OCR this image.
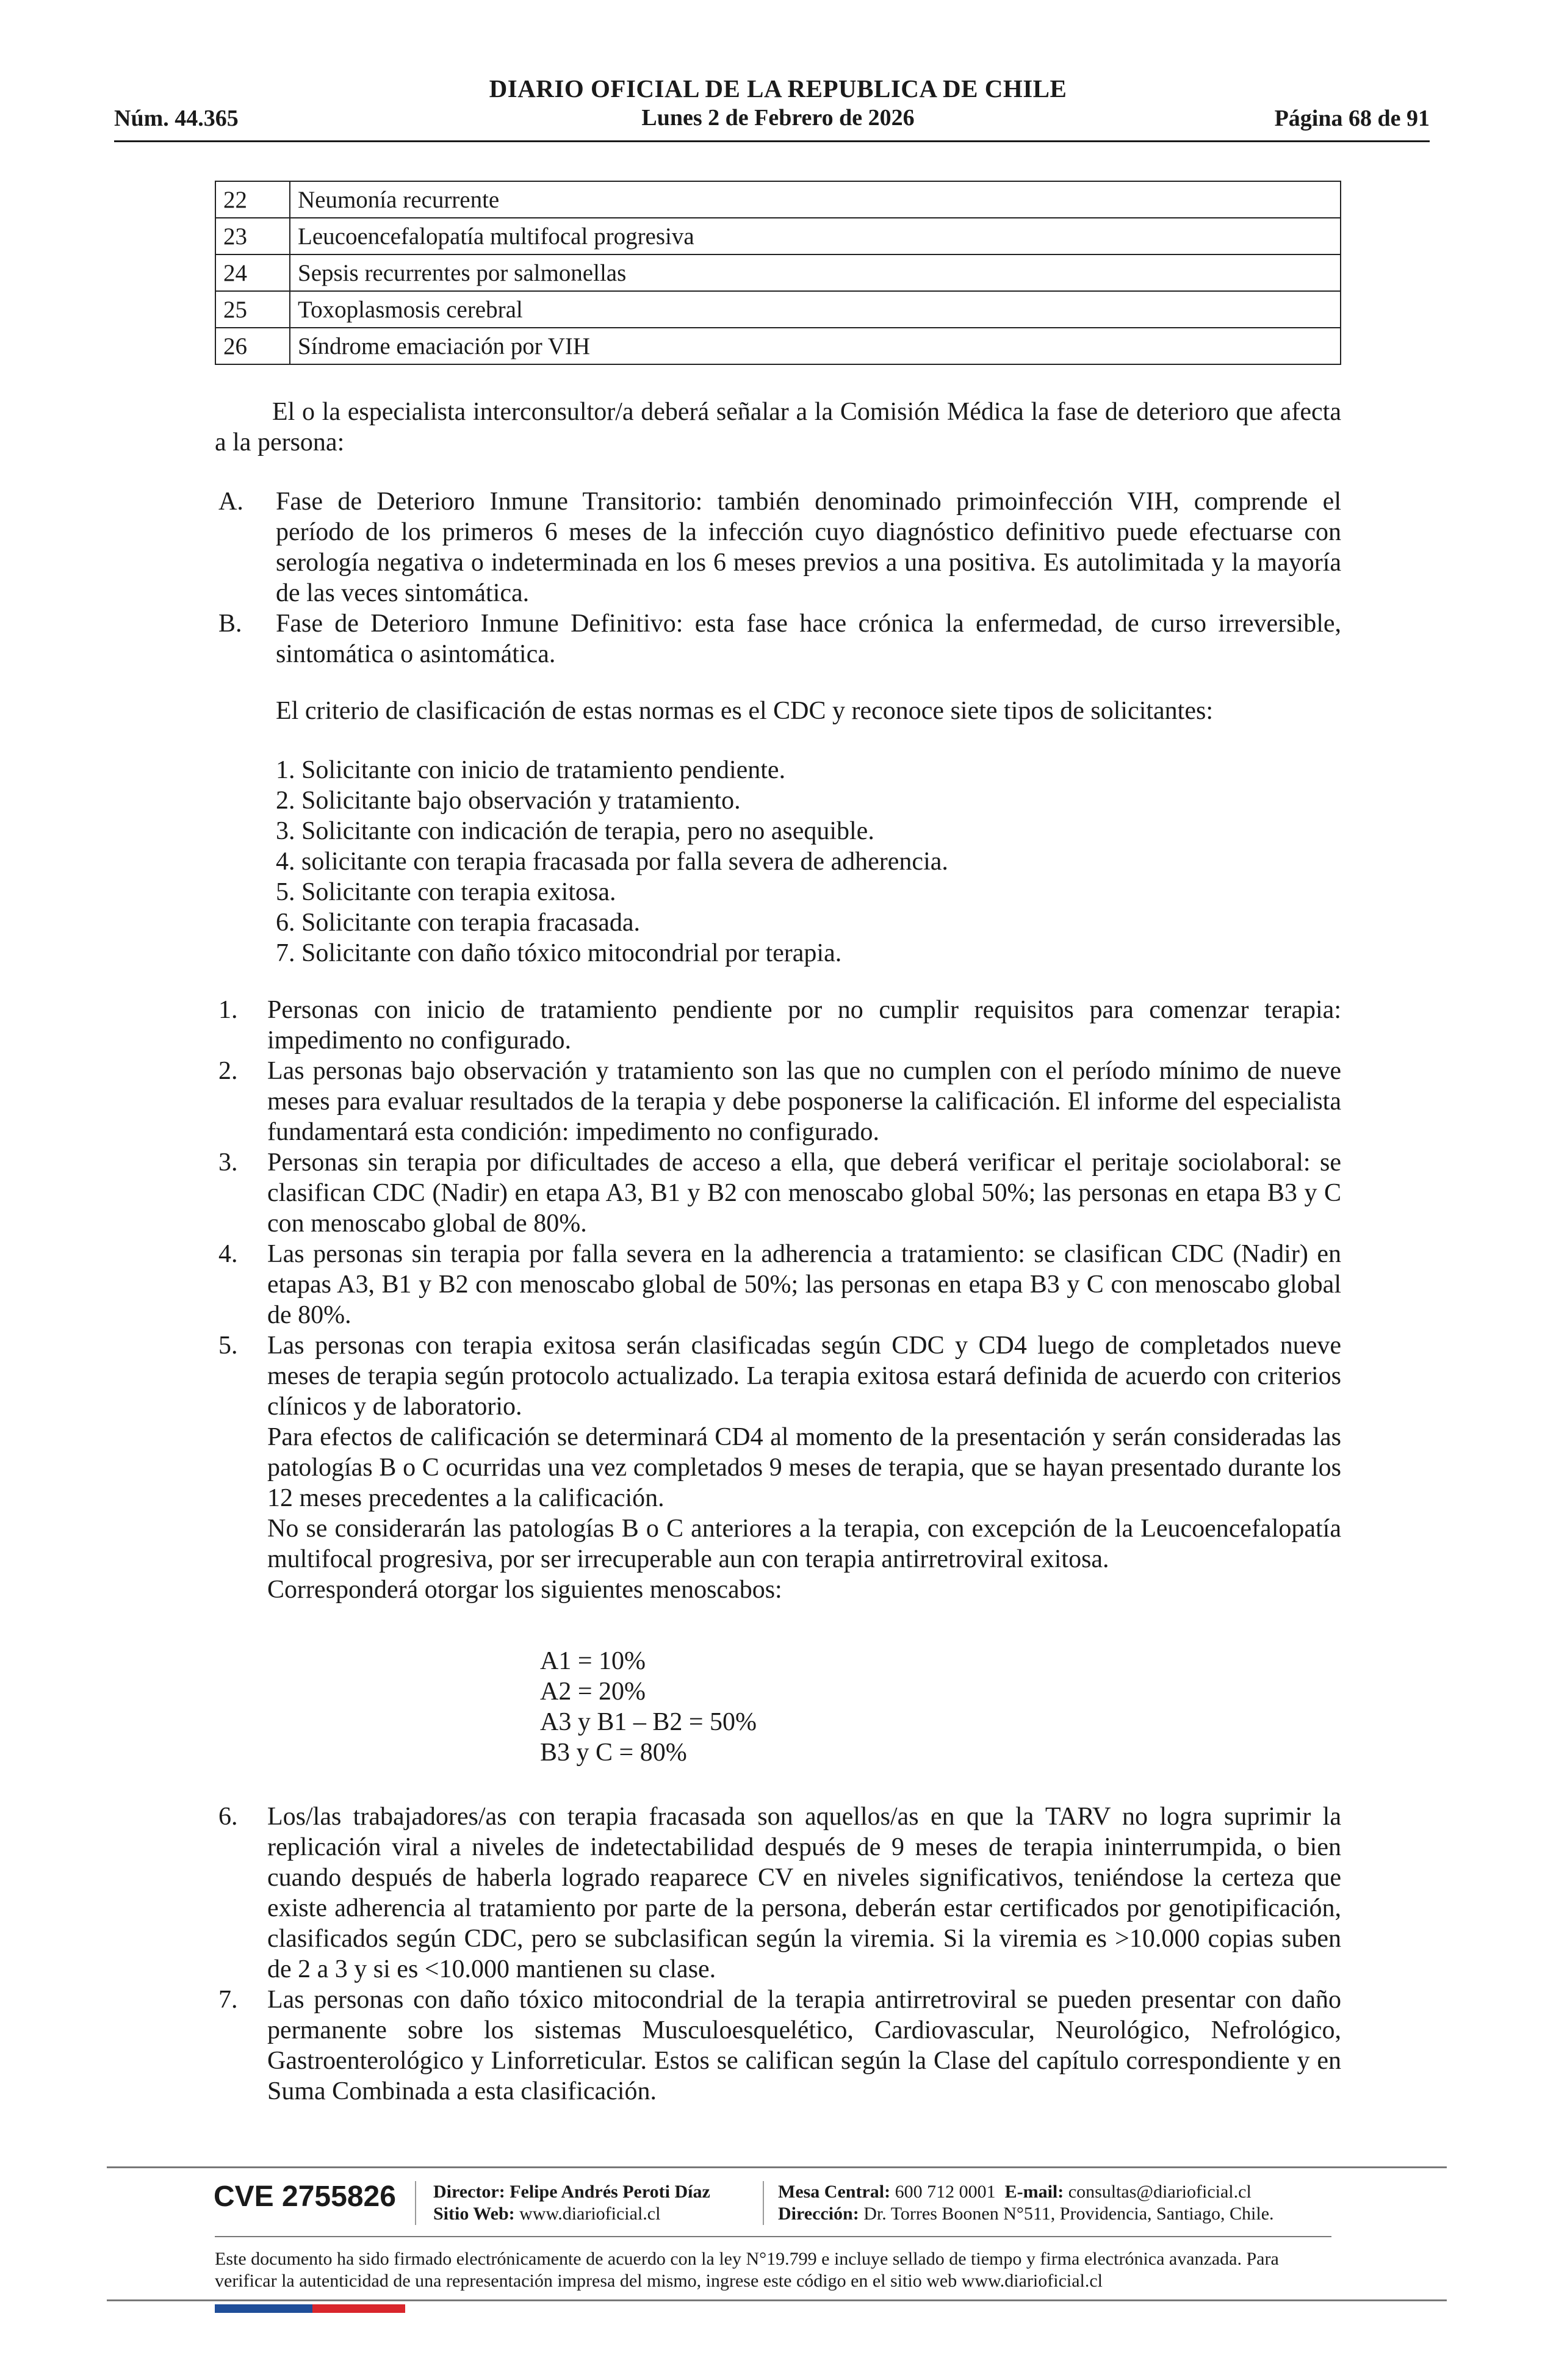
DIARIO OFICIAL DE LA REPUBLICA DE CHILE
Lunes 2 de Febrero de 2026
Núm. 44.365	Página 68 de 91
22	Neumonía recurrente
23	Leucoencefalopatía multifocal progresiva
24	Sepsis recurrentes por salmonellas
25	Toxoplasmosis cerebral
26	Síndrome emaciación por VIH
El o la especialista interconsultor/a deberá señalar a la Comisión Médica la fase de deterioro que afecta a la persona:
A. Fase de Deterioro Inmune Transitorio: también denominado primoinfección VIH, comprende el período de los primeros 6 meses de la infección cuyo diagnóstico definitivo puede efectuarse con serología negativa o indeterminada en los 6 meses previos a una positiva. Es autolimitada y la mayoría de las veces sintomática.
B. Fase de Deterioro Inmune Definitivo: esta fase hace crónica la enfermedad, de curso irreversible, sintomática o asintomática.
El criterio de clasificación de estas normas es el CDC y reconoce siete tipos de solicitantes:
1. Solicitante con inicio de tratamiento pendiente.
2. Solicitante bajo observación y tratamiento.
3. Solicitante con indicación de terapia, pero no asequible.
4. solicitante con terapia fracasada por falla severa de adherencia.
5. Solicitante con terapia exitosa.
6. Solicitante con terapia fracasada.
7. Solicitante con daño tóxico mitocondrial por terapia.
1. Personas con inicio de tratamiento pendiente por no cumplir requisitos para comenzar terapia: impedimento no configurado.
2. Las personas bajo observación y tratamiento son las que no cumplen con el período mínimo de nueve meses para evaluar resultados de la terapia y debe posponerse la calificación. El informe del especialista fundamentará esta condición: impedimento no configurado.
3. Personas sin terapia por dificultades de acceso a ella, que deberá verificar el peritaje sociolaboral: se clasifican CDC (Nadir) en etapa A3, B1 y B2 con menoscabo global 50%; las personas en etapa B3 y C con menoscabo global de 80%.
4. Las personas sin terapia por falla severa en la adherencia a tratamiento: se clasifican CDC (Nadir) en etapas A3, B1 y B2 con menoscabo global de 50%; las personas en etapa B3 y C con menoscabo global de 80%.
5. Las personas con terapia exitosa serán clasificadas según CDC y CD4 luego de completados nueve meses de terapia según protocolo actualizado. La terapia exitosa estará definida de acuerdo con criterios clínicos y de laboratorio.
Para efectos de calificación se determinará CD4 al momento de la presentación y serán consideradas las patologías B o C ocurridas una vez completados 9 meses de terapia, que se hayan presentado durante los 12 meses precedentes a la calificación.
No se considerarán las patologías B o C anteriores a la terapia, con excepción de la Leucoencefalopatía multifocal progresiva, por ser irrecuperable aun con terapia antirretroviral exitosa.
Corresponderá otorgar los siguientes menoscabos:
A1 = 10%
A2 = 20%
A3 y B1 – B2 = 50%
B3 y C = 80%
6. Los/las trabajadores/as con terapia fracasada son aquellos/as en que la TARV no logra suprimir la replicación viral a niveles de indetectabilidad después de 9 meses de terapia ininterrumpida, o bien cuando después de haberla logrado reaparece CV en niveles significativos, teniéndose la certeza que existe adherencia al tratamiento por parte de la persona, deberán estar certificados por genotipificación, clasificados según CDC, pero se subclasifican según la viremia. Si la viremia es >10.000 copias suben de 2 a 3 y si es <10.000 mantienen su clase.
7. Las personas con daño tóxico mitocondrial de la terapia antirretroviral se pueden presentar con daño permanente sobre los sistemas Musculoesquelético, Cardiovascular, Neurológico, Nefrológico, Gastroenterológico y Linforreticular. Estos se califican según la Clase del capítulo correspondiente y en Suma Combinada a esta clasificación.
CVE 2755826 Director: Felipe Andrés Peroti Díaz
Sitio Web: www.diarioficial.cl
Mesa Central: 600 712 0001 E-mail: consultas@diarioficial.cl
Dirección: Dr. Torres Boonen N°511, Providencia, Santiago, Chile.
Este documento ha sido firmado electrónicamente de acuerdo con la ley N°19.799 e incluye sellado de tiempo y firma electrónica avanzada. Para verificar la autenticidad de una representación impresa del mismo, ingrese este código en el sitio web www.diarioficial.cl
